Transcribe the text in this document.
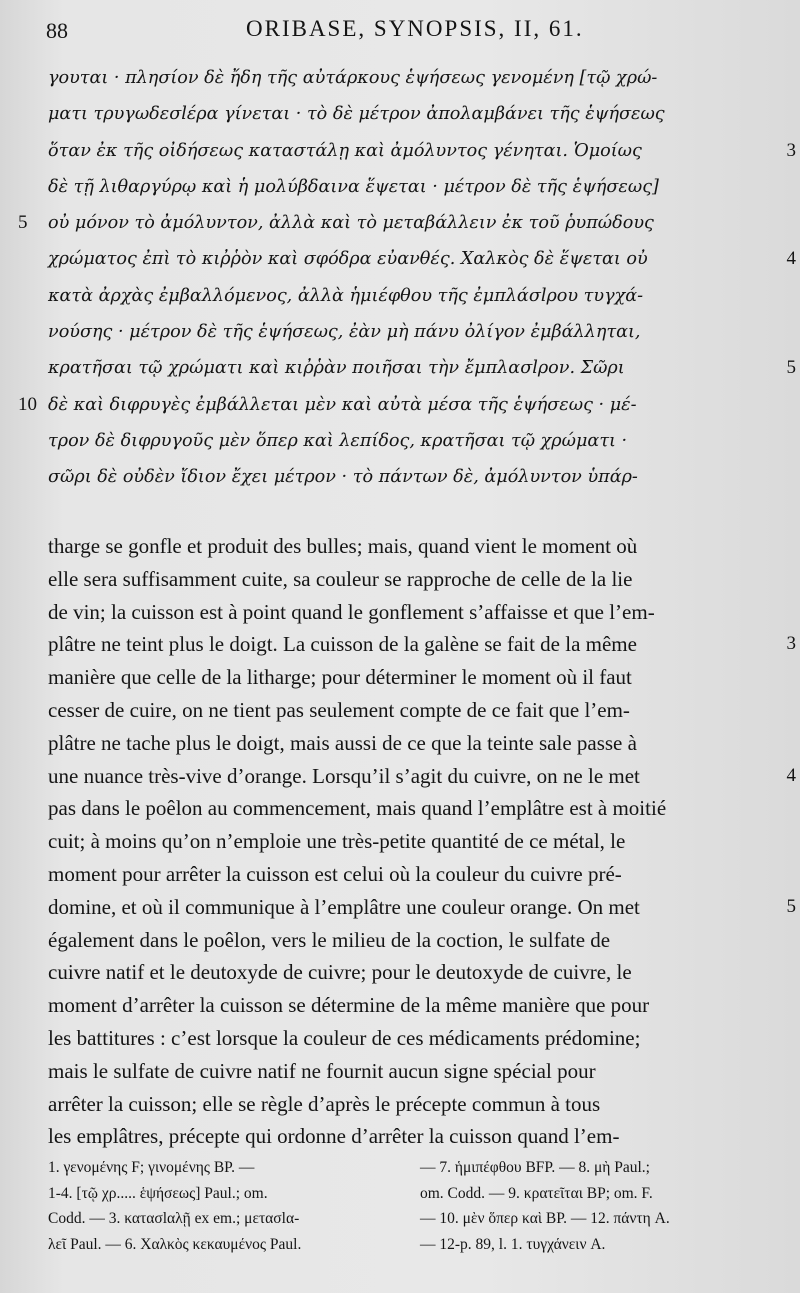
88	ORIBASE, SYNOPSIS, II, 61.
γουται · πλησίον δὲ ἤδη τῆς αὐτάρκους ἑψήσεως γενομένη [τῷ χρώ-
ματι τρυγωδεσlέρα γίνεται · τὸ δὲ μέτρον ἀπολαμβάνει τῆς ἑψήσεως
ὅταν ἐκ τῆς οἰδήσεως καταστάλῃ καὶ ἀμόλυντος γένηται. Ὁμοίως	3
δὲ τῇ λιθαργύρῳ καὶ ἡ μολύβδαινα ἕψεται · μέτρον δὲ τῆς ἑψήσεως]
οὐ μόνον τὸ ἀμόλυντον, ἀλλὰ καὶ τὸ μεταβάλλειν ἐκ τοῦ ῥυπώδους
5
χρώματος ἐπὶ τὸ κιῤῥὸν καὶ σφόδρα εὐανθές. Χαλκὸς δὲ ἕψεται οὐ	4
κατὰ ἀρχὰς ἐμβαλλόμενος, ἀλλὰ ἡμιέφθου τῆς ἐμπλάσlρου τυγχά-
νούσης · μέτρον δὲ τῆς ἑψήσεως, ἐὰν μὴ πάνυ ὀλίγον ἐμβάλληται,
κρατῆσαι τῷ χρώματι καὶ κιῤῥὰν ποιῆσαι τὴν ἔμπλασlρον. Σῶρι	5
δὲ καὶ διφρυγὲς ἐμβάλλεται μὲν καὶ αὐτὰ μέσα τῆς ἑψήσεως · μέ-
10
τρον δὲ διφρυγοῦς μὲν ὅπερ καὶ λεπίδος, κρατῆσαι τῷ χρώματι ·
σῶρι δὲ οὐδὲν ἴδιον ἔχει μέτρον · τὸ πάντων δὲ, ἀμόλυντον ὑπάρ-
tharge se gonfle et produit des bulles; mais, quand vient le moment où
elle sera suffisamment cuite, sa couleur se rapproche de celle de la lie
de vin; la cuisson est à point quand le gonflement s’affaisse et que l’em-
plâtre ne teint plus le doigt. La cuisson de la galène se fait de la même	3
manière que celle de la litharge; pour déterminer le moment où il faut
cesser de cuire, on ne tient pas seulement compte de ce fait que l’em-
plâtre ne tache plus le doigt, mais aussi de ce que la teinte sale passe à
une nuance très-vive d’orange. Lorsqu’il s’agit du cuivre, on ne le met	4
pas dans le poêlon au commencement, mais quand l’emplâtre est à moitié
cuit; à moins qu’on n’emploie une très-petite quantité de ce métal, le
moment pour arrêter la cuisson est celui où la couleur du cuivre pré-
domine, et où il communique à l’emplâtre une couleur orange. On met	5
également dans le poêlon, vers le milieu de la coction, le sulfate de
cuivre natif et le deutoxyde de cuivre; pour le deutoxyde de cuivre, le
moment d’arrêter la cuisson se détermine de la même manière que pour
les battitures : c’est lorsque la couleur de ces médicaments prédomine;
mais le sulfate de cuivre natif ne fournit aucun signe spécial pour
arrêter la cuisson; elle se règle d’après le précepte commun à tous
les emplâtres, précepte qui ordonne d’arrêter la cuisson quand l’em-
1. γενομένης F; γινομένης BP. —	— 7. ἡμιπέφθου BFP. — 8. μὴ Paul.;
1-4. [τῷ χρ..... ἑψήσεως] Paul.; om.	om. Codd. — 9. κρατεῖται BP; om. F.
Codd. — 3. κατασlαλῇ ex em.; μετασlα-	— 10. μὲν ὅπερ καὶ BP. — 12. πάντη A.
λεῖ Paul. — 6. Χαλκὸς κεκαυμένος Paul.	— 12-p. 89, l. 1. τυγχάνειν A.
